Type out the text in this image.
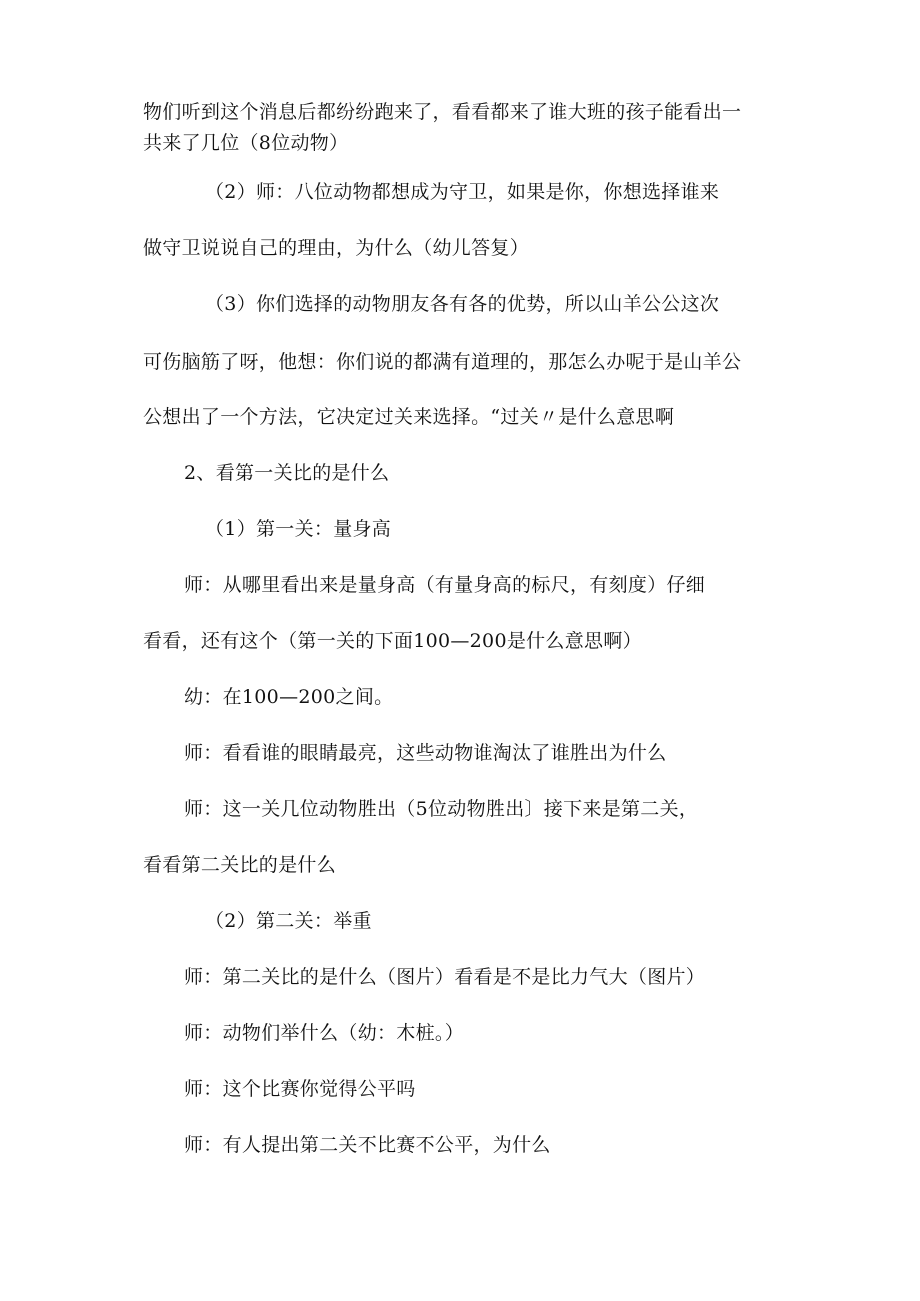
物们听到这个消息后都纷纷跑来了，看看都来了谁大班的孩子能看出一
共来了几位（8位动物）
（2）师：八位动物都想成为守卫，如果是你，你想选择谁来
做守卫说说自己的理由，为什么（幼儿答复）
（3）你们选择的动物朋友各有各的优势，所以山羊公公这次
可伤脑筋了呀，他想：你们说的都满有道理的，那怎么办呢于是山羊公
公想出了一个方法，它决定过关来选择。“过关〃是什么意思啊
2、看第一关比的是什么
（1）第一关：量身高
师：从哪里看出来是量身高（有量身高的标尺，有刻度）仔细
看看，还有这个（第一关的下面100—200是什么意思啊）
幼：在100—200之间。
师：看看谁的眼睛最亮，这些动物谁淘汰了谁胜出为什么
师：这一关几位动物胜出（5位动物胜出〕接下来是第二关，
看看第二关比的是什么
（2）第二关：举重
师：第二关比的是什么（图片）看看是不是比力气大（图片）
师：动物们举什么（幼：木桩。）
师：这个比赛你觉得公平吗
师：有人提出第二关不比赛不公平，为什么
